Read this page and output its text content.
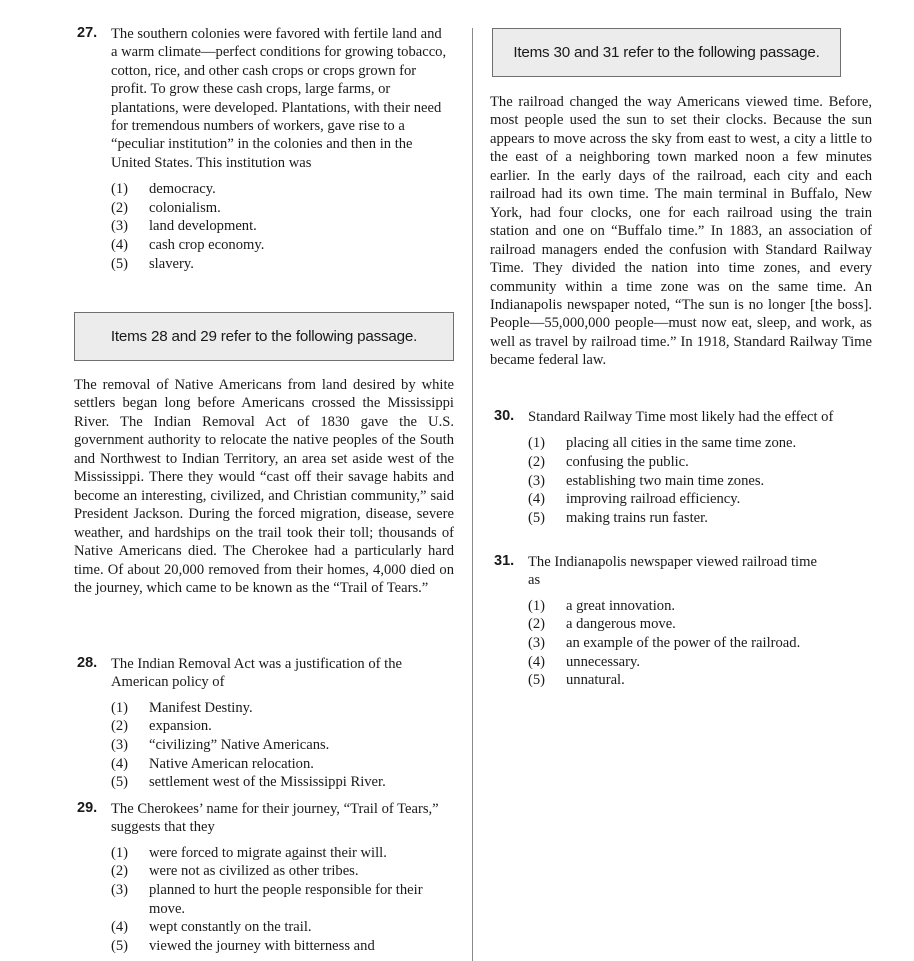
27. The southern colonies were favored with fertile land and a warm climate—perfect conditions for growing tobacco, cotton, rice, and other cash crops or crops grown for profit. To grow these cash crops, large farms, or plantations, were developed. Plantations, with their need for tremendous numbers of workers, gave rise to a “peculiar institution” in the colonies and then in the United States. This institution was
(1) democracy.
(2) colonialism.
(3) land development.
(4) cash crop economy.
(5) slavery.
Items 28 and 29 refer to the following passage.
The removal of Native Americans from land desired by white settlers began long before Americans crossed the Mississippi River. The Indian Removal Act of 1830 gave the U.S. government authority to relocate the native peoples of the South and Northwest to Indian Territory, an area set aside west of the Mississippi. There they would “cast off their savage habits and become an interesting, civilized, and Christian community,” said President Jackson. During the forced migration, disease, severe weather, and hardships on the trail took their toll; thousands of Native Americans died. The Cherokee had a particularly hard time. Of about 20,000 removed from their homes, 4,000 died on the journey, which came to be known as the “Trail of Tears.”
28. The Indian Removal Act was a justification of the American policy of
(1) Manifest Destiny.
(2) expansion.
(3) “civilizing” Native Americans.
(4) Native American relocation.
(5) settlement west of the Mississippi River.
29. The Cherokees’ name for their journey, “Trail of Tears,” suggests that they
(1) were forced to migrate against their will.
(2) were not as civilized as other tribes.
(3) planned to hurt the people responsible for their move.
(4) wept constantly on the trail.
(5) viewed the journey with bitterness and
Items 30 and 31 refer to the following passage.
The railroad changed the way Americans viewed time. Before, most people used the sun to set their clocks. Because the sun appears to move across the sky from east to west, a city a little to the east of a neighboring town marked noon a few minutes earlier. In the early days of the railroad, each city and each railroad had its own time. The main terminal in Buffalo, New York, had four clocks, one for each railroad using the train station and one on “Buffalo time.” In 1883, an association of railroad managers ended the confusion with Standard Railway Time. They divided the nation into time zones, and every community within a time zone was on the same time. An Indianapolis newspaper noted, “The sun is no longer [the boss]. People—55,000,000 people—must now eat, sleep, and work, as well as travel by railroad time.” In 1918, Standard Railway Time became federal law.
30. Standard Railway Time most likely had the effect of
(1) placing all cities in the same time zone.
(2) confusing the public.
(3) establishing two main time zones.
(4) improving railroad efficiency.
(5) making trains run faster.
31. The Indianapolis newspaper viewed railroad time as
(1) a great innovation.
(2) a dangerous move.
(3) an example of the power of the railroad.
(4) unnecessary.
(5) unnatural.
